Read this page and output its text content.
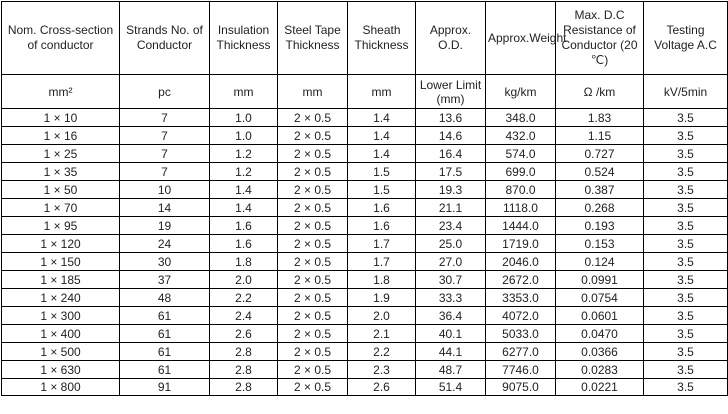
Nom. Cross-section of conductor	Strands No. of Conductor	Insulation Thickness	Steel Tape Thickness	Sheath Thickness	Approx. O.D.	Approx.Weight	Max. D.C Resistance of Conductor (20 ℃)	Testing Voltage A.C
mm²	pc	mm	mm	mm	Lower Limit (mm)	kg/km	Ω /km	kV/5min
1 × 10	7	1.0	2 × 0.5	1.4	13.6	348.0	1.83	3.5
1 × 16	7	1.0	2 × 0.5	1.4	14.6	432.0	1.15	3.5
1 × 25	7	1.2	2 × 0.5	1.4	16.4	574.0	0.727	3.5
1 × 35	7	1.2	2 × 0.5	1.5	17.5	699.0	0.524	3.5
1 × 50	10	1.4	2 × 0.5	1.5	19.3	870.0	0.387	3.5
1 × 70	14	1.4	2 × 0.5	1.6	21.1	1118.0	0.268	3.5
1 × 95	19	1.6	2 × 0.5	1.6	23.4	1444.0	0.193	3.5
1 × 120	24	1.6	2 × 0.5	1.7	25.0	1719.0	0.153	3.5
1 × 150	30	1.8	2 × 0.5	1.7	27.0	2046.0	0.124	3.5
1 × 185	37	2.0	2 × 0.5	1.8	30.7	2672.0	0.0991	3.5
1 × 240	48	2.2	2 × 0.5	1.9	33.3	3353.0	0.0754	3.5
1 × 300	61	2.4	2 × 0.5	2.0	36.4	4072.0	0.0601	3.5
1 × 400	61	2.6	2 × 0.5	2.1	40.1	5033.0	0.0470	3.5
1 × 500	61	2.8	2 × 0.5	2.2	44.1	6277.0	0.0366	3.5
1 × 630	61	2.8	2 × 0.5	2.3	48.7	7746.0	0.0283	3.5
1 × 800	91	2.8	2 × 0.5	2.6	51.4	9075.0	0.0221	3.5
